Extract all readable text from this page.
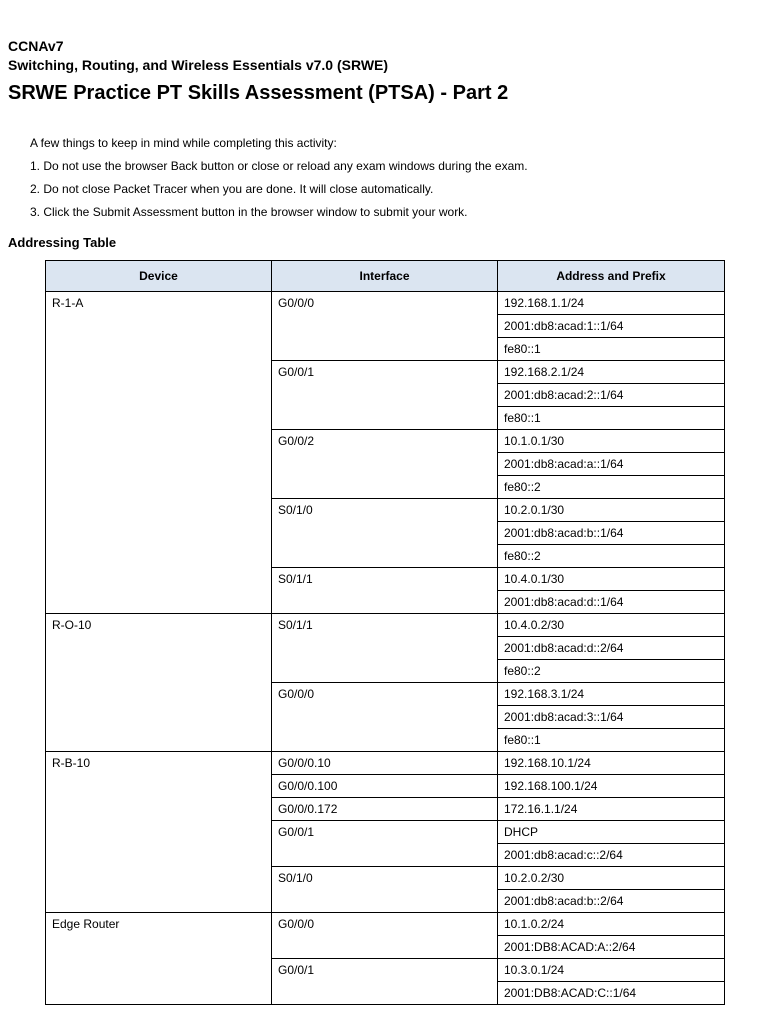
CCNAv7
Switching, Routing, and Wireless Essentials v7.0 (SRWE)
SRWE Practice PT Skills Assessment (PTSA) - Part 2
A few things to keep in mind while completing this activity:
1. Do not use the browser Back button or close or reload any exam windows during the exam.
2. Do not close Packet Tracer when you are done. It will close automatically.
3. Click the Submit Assessment button in the browser window to submit your work.
Addressing Table
Device	Interface	Address and Prefix
R-1-A	G0/0/0	192.168.1.1/24
		2001:db8:acad:1::1/64
		fe80::1
	G0/0/1	192.168.2.1/24
		2001:db8:acad:2::1/64
		fe80::1
	G0/0/2	10.1.0.1/30
		2001:db8:acad:a::1/64
		fe80::2
	S0/1/0	10.2.0.1/30
		2001:db8:acad:b::1/64
		fe80::2
	S0/1/1	10.4.0.1/30
		2001:db8:acad:d::1/64
R-O-10	S0/1/1	10.4.0.2/30
		2001:db8:acad:d::2/64
		fe80::2
	G0/0/0	192.168.3.1/24
		2001:db8:acad:3::1/64
		fe80::1
R-B-10	G0/0/0.10	192.168.10.1/24
	G0/0/0.100	192.168.100.1/24
	G0/0/0.172	172.16.1.1/24
	G0/0/1	DHCP
		2001:db8:acad:c::2/64
	S0/1/0	10.2.0.2/30
		2001:db8:acad:b::2/64
Edge Router	G0/0/0	10.1.0.2/24
		2001:DB8:ACAD:A::2/64
	G0/0/1	10.3.0.1/24
		2001:DB8:ACAD:C::1/64
